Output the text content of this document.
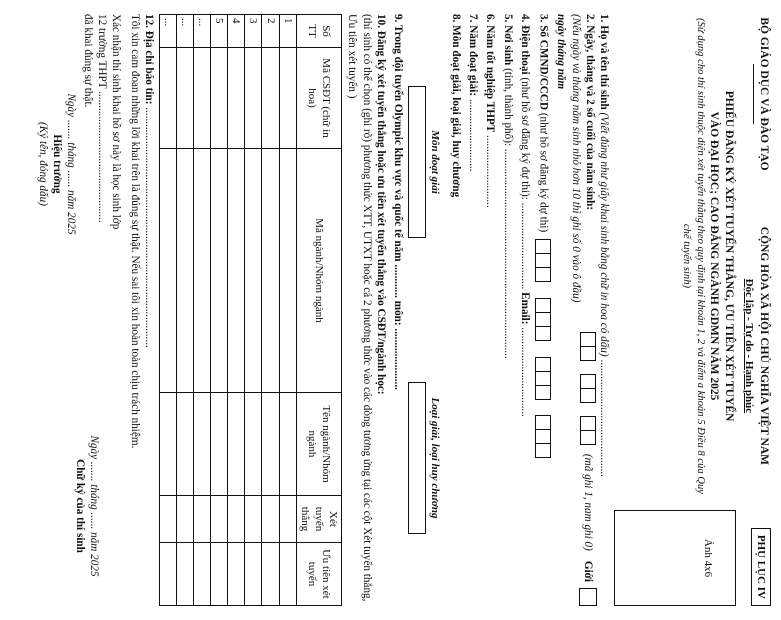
BỘ GIÁO DỤC VÀ ĐÀO TẠO
CỘNG HÒA XÃ HỘI CHỦ NGHĨA VIỆT NAM
Độc lập - Tự do - Hạnh phúc
PHỤ LỤC IV
PHIẾU ĐĂNG KÝ XÉT TUYỂN THẲNG, ƯU TIÊN XÉT TUYỂN
VÀO ĐẠI HỌC; CAO ĐẲNG NGÀNH GDMN NĂM 2025
(Sử dụng cho thí sinh thuộc diện xét tuyển thẳng theo quy định tại khoản 1, 2 và điểm a khoản 5 Điều 8 của Quy chế tuyển sinh)
Ảnh 4x6
1. Họ và tên thí sinh (Viết đúng như giấy khai sinh bằng chữ in hoa có dấu) ..........................................
2. Ngày, tháng và 2 số cuối của năm sinh:
(Nếu ngày và tháng năm sinh nhỏ hơn 10 thì ghi số 0 vào ô đầu)
ngày tháng năm
(mã ghi 1, nam ghi 0)
Giới
3. Số CMND/CCCD (như hồ sơ đăng ký dự thi)

4. Điện thoại (như hồ sơ đăng ký dự thi): ............................... Email: ................................
5. Nơi sinh (tỉnh, thành phố): ...........................................................................
6. Năm tốt nghiệp THPT ..........................
7. Năm đoạt giải: ..........................
8. Môn đoạt giải, loại giải, huy chương
Môn đoạt giải
Loại giải, loại huy chương
9. Trong đội tuyển Olympic khu vực và quốc tế năm ............ môn: ......................
10. Đăng ký xét tuyển thẳng hoặc ưu tiên xét tuyển thẳng vào CSĐT/ngành học:
(thí sinh có thể chọn (ghi rõ) phương thức XTT, UTXT hoặc cả 2 phương thức vào các dòng tương ứng tại các cột Xét tuyển thẳng, Ưu tiên xét tuyển )
Số TT	Mã CSĐT (chữ in hoa)	Mã ngành/Nhóm ngành	Tên ngành/Nhóm ngành	Xét tuyển thẳng	Ưu tiên xét tuyển
1					
2					
3					
4					
5					
...					
...					
...					
12. Địa chỉ báo tin: ......................................................................................
Tôi xin cam đoan những lời khai trên là đúng sự thật. Nếu sai tôi xin hoàn toàn chịu trách nhiệm.
Xác nhận thí sinh khai hồ sơ này là học sinh lớp
12 trường THPT ...............................................
đã khai đúng sự thật.
Ngày ....... tháng ...... năm 2025
Hiệu trưởng
(Ký tên, đóng dấu)
Ngày ....... tháng ...... năm 2025
Chữ ký của thí sinh
